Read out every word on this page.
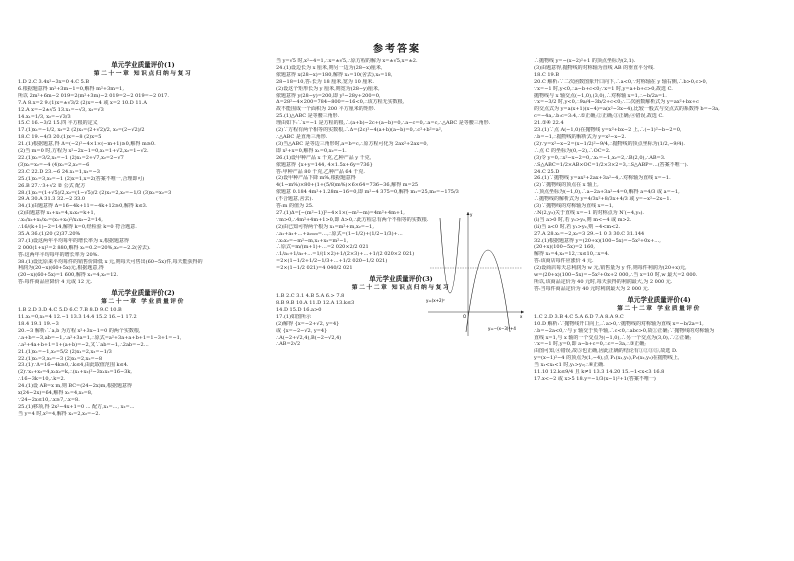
参考答案
单元学业质量评价(1)
第二十一章 知识点归纳与复习
1.D 2.C 3.4x²−3x=0 4.C 5.B
6.根据题意得 m²+3m−1=0,解得 m²+3m=1,
所以 2m²+6m−2 019=2(m²+3m)−2 019=2−2 019=−2 017.
7.A 8.x=2 9.(1)x=±√3/2 (2)x=−4 或 x=2 10.D 11.A
12.A x=−2±√5 13.x₁=−√3, x₂=√3
14.x₁=1/3, x₂=−√3/3
15.C 16.−3/2 15.四 平方根的定义
17.(1)x₁=−1/2, x₂=2 (2)x₁=(2+√2)/2, x₂=(2−√2)/2
18.C 19.−4/3 20.(1)x=−8 (2)x=5
21.(1)根据题意,得 Δ=(−2)²−4×1×(−m+1)≥0,解得 m≥0.
(2)当 m=0 时,方程为 x²−2x−1=0,x₁=1+√2,x₂=1−√2.
22.(1)x₁=3/2,x₂=−1 (2)x₁=2+√7,x₂=2−√7
(3)x₁=x₂=−4 (4)x₁=2,x₂=−6
23.C 22.D 23.−6 24.x₁=1,x₂=−3
25.(1)x₁=3,x₂=−1 (2)x=1,x=2(答案不唯一,合理即可)
26.B 27.∵3+√2 ② 公式 配方
28.(1)x₁=(1+√5)/2,x₂=(1−√5)/2 (2)x₁=2,x₂=−1/3 (3)x₁=x₂=3
29.A 30.A 31.3 32.−2 33.0
34.(1)由题意得 Δ=16−4k+11=−4k+12≥0,解得 k≤3.
(2)由题意得 x₁+x₂=4,x₁x₂=k+1,
∴x₁/x₂+x₂/x₁=(x₁+x₂)²/x₁x₂−2=14,
∴16/(k+1)−2=14,解得 k=0,经检验 k=0 符合题意.
35.A 36.(1)20 (2)37.20%
37.(1)设这两年平均每年的增长率为 x,根据题意得
2 000(1+x)²=2 880,解得 x₁=0.2=20%,x₂=−2.2(舍去).
答:这两年平均每年的增长率为 20%.
38.(1)设比原来平均每件的销售价降低 x 元,则每天可售出(60−5x)件,每天能获得的
利润为(20−x)(60+5x)元,根据题意,得
(20−x)(60+5x)=1 600,解得 x₁=4,x₂=12.
答:每件商品应降价 4 元或 12 元.
单元学业质量评价(2)
第二十一章 学业质量评价
1.B 2.D 3.D 4.C 5.D 6.C 7.B 8.D 9.C 10.B
11.x₁=0,x₂=4 12.−1 13.3 14.4 15.2 16.−1 17.2
18.4 19.1 19.−3
20.−3 解析:∵a,b 为方程 x²+3x−1=0 的两个实数根,
∴a+b=−3,ab=−1,∴a²+3a=1,∴原式=a²+3a+a+b+1=1−3+1=−1,
∴a²+4a+b+1=1+(a+b)=−2,又∵ab=−1,∴2ab=−2…
21.(1)x₁=−1,x₂=5/2 (2)x₁=2,x₂=−1/3
22.(1)x₁=3,x₂=−3 (2)x₁=2,x₂=−8
23.(1)∵Δ=16−4k≥0,∴k≤4,由此取值范围 k≤4.
(2)∵x₁+x₂=4,x₁x₂=k,∴(x₁+x₂)²−3x₁x₂=16−3k,
∴16−3k=10,∴k=2.
24.(1)设 AB=x m,则 BC=(24−2x)m,根据题意得
x(24−2x)=64,解得 x₁=4,x₂=8,
∵24−2x≤10,∴x≥7,∴x=8.
25.(1)移项,得 2x²−4x+1=0 ... 配方,x₁=..., x₂=...
当 y=4 时,x²=4,解得 x₁=2,x₂=−2.
当 y=√5 时,x²−4=1,∴x=±√5,∴原方程的解为 x=±√5,x=±2.
24.(1)设边长为 x 厘米,则另一边为(28−x)厘米,
依题意得 x(28−x)=180,解得 x₁=10(舍去),x₂=18,
28−18=10,答:长为 18 厘米,宽为 10 厘米.
(2)设这个矩形长为 y 厘米,则宽为(28−y)厘米,
依题意得 y(28−y)=200,即 y²−28y+200=0,
Δ=28²−4×200=784−800=−16<0,∴该方程无实数根,
故不能围成一个面积为 200 平方厘米的矩形.
25.(1)△ABC 是等腰三角形.
理由如下:∵x=−1 是方程的根,∴(a+b)−2c+(a−b)=0,∴a−c=0,∴a=c,∴△ABC 是等腰三角形.
(2)∵方程有两个相等的实数根,∴Δ=(2c)²−4(a+b)(a−b)=0,∴c²+b²=a²,
∴△ABC 是直角三角形.
(3)当△ABC 是等边三角形时,a=b=c,∴原方程可化为 2ax²+2ax=0,
即 x²+x=0,解得 x₁=0,x₂=−1.
26.(1)设甲种产品 x 千克,乙种产品 y 千克,
依题意得 {x+y=144, 4×1.5x+6y=736}
答:甲种产品 80 千克,乙种产品 64 千克.
(2)设甲种产品下降 m%,根据题意得
4(1−m%)×80+(1+(5/8)m%)×6×64=736−36,解得 m=25
依题意 0.184 4m²+1.28m−16=0,即 m²−4 375=0,解得 m₁=25,m₂=−175/3
(不合题意,舍去).
答:m 的值为 25.
27.(1)Δ=[−(m²−1)]²−4×1×(−m²−m)=4m²+4m+1,
∵m>0,∴4m²+4m+1>0,即 Δ>0,∴此方程总有两个不相等的实数根.
(2)由已知可得两个根为 x₁=m²+m,x₂=−1,
∴a₁+a₂+…+a₂₀₂₀=…,∴原式=(1−1/2)+(1/2−1/3)+…
∴x₁x₂=−m²−m,x₁+x₂=m²−1,
∴原式=m/(m+1)+…=2 020×2/2 021
∴1/a₁+1/a₂+…=1/(1×2)+1/(2×3)+…+1/(2 020×2 021)
=2×(1−1/2+1/2−1/3+…+1/2 020−1/2 021)
=2×(1−1/2 021)=4 040/2 021
单元学业质量评价(3)
第二十二章 知识点归纳与复习
1.B 2.C 3.1 4.B 5.A 6.> 7.8
8.B 9.B 10.A 11.D 12.A 13.k≤3
14.D 15.D 16.a>0
17.(1)如图所示
(2)解得 {x=−2+√2, y=4}
或 {x=−2−√2, y=4}
∴A(−2+√2,4),B(−2−√2,4)
∴AB=2√2
x
y
O
y=(x+2)²
y=−(x−3)²+4
∴抛物线 y=−(x−2)²+1 的顶点坐标为(2,1).
(3)由题意得,抛物线的对称轴为直线 AB 的垂直平分线.
18.C 19.B
20.C 解析:∵二次函数图象开口向下,∴a<0,∵对称轴在 y 轴右侧,∴b>0,c>0,
∵x=−1 时,y<0,∴a−b+c<0;∵x=1 时,y=a+b+c>0,故选 C.
抛物线与 x 轴交点(−1,0),(3,0),∴对称轴 x=1,∴−b/2a=1.
∵x=−3/2 时,y<0,∴9a/4−3b/2+c<0;∴二次函数解析式为 y=ax²+bx+c
的交点式为 y=a(x+1)(x−4)=a(x²−3x−4),比较一般式与交点式的系数得 b=−3a,
c=−4a,∴b:c=3:4,∴①正确;②正确;③正确;④错误,故选 C.
21.①④ 22.4
23.(1)∵点 A(−1,0)在抛物线 y=x²+bx−2 上,∴(−1)²−b−2=0,
∴b=−1,∴抛物线的解析式为 y=x²−x−2.
(2)∵y=x²−x−2=(x−1/2)²−9/4,∴抛物线的顶点坐标为(1/2,−9/4).
∴点 C 的坐标为(0,−2),∴OC=2.
(3)令 y=0,∴x²−x−2=0,∴x₁=−1,x₂=2,∴B(2,0),∴AB=3.
∴S△ABC=1/2×AB×OC=1/2×3×2=3,∴S△ABP=…(答案不唯一).
24.C 25.D
26.(1)∵抛物线 y=ax²+2ax+3a²−4,∴对称轴为直线 x=−1.
(2)∵抛物线的顶点在 x 轴上,
∴顶点坐标为(−1,0),∴a−2a+3a²−4=0,解得 a=4/3 或 a=−1,
∴抛物线的解析式为 y=4/3x²+8/3x+4/3 或 y=−x²−2x−1.
(3)∵抛物线的对称轴为直线 x=−1,
∴N(2,y₂)关于直线 x=−1 的对称点为 N′(−4,y₂).
(i)当 a>0 时,若 y₁>y₂,则 m<−4 或 m>2.
(ii)当 a<0 时,若 y₁>y₂,则 −4<m<2.
27.A 28.x₁=−2,x₂=3 29.−1 0 3 30.C 31.144
32.(1)根据题意得 y=(20+x)(100−5x)=−5x²+0x+…,
(20+x)(100−5x)=2 160,
解得 x₁=4,x₂=12,∵x≤10,∴x=4.
答:该商店每件应涨价 4 元.
(2)设商店每天总利润为 w 元,销售量为 y 件,则每件利润为(20+x)元,
w=(20+x)(100−5x)=−5x²+0x+2 000,∴当 x=10 时,w 最大=2 000.
所以,该商品定价为 40 元时,每天获得的利润最大,为 2 000 元.
答:当每件商品定价为 40 元时利润最大为 2 000 元.
单元学业质量评价(4)
第二十二章 学业质量评价
1.C 2.D 3.B 4.C 5.A 6.D 7.A 8.A 9.C
10.D 解析:∵抛物线开口向上,∴a>0,∵抛物线的对称轴为直线 x=−b/2a=1,
∴b=−2a<0,∵与 y 轴交于负半轴,∴c<0,∴abc>0,故①正确;∵抛物线的对称轴为
直线 x=1,与 x 轴的一个交点为(−1,0),∴另一个交点为(3,0),∴②正确;
∵x=−1 时,y=0,即 a−b+c=0,∴c=−3a,∴③正确;
由图可知,④错误,故⑤也正确,因此正确的结论有①②③⑤,故选 D.
y=(x−1)²−4 的顶点为(1,−4),点 P₁(x₁,y₁),P₂(x₂,y₂)在抛物线上,
当 x₁<x₂<1 时,y₁>y₂;∴⑥正确.
11.10 12.k≤9/4 且 k≠1 13.3 14.20 15.−1<x<3 16.8
17.x<−2 或 x>5 18.y=−1/3(x−1)²+1(答案不唯一)
